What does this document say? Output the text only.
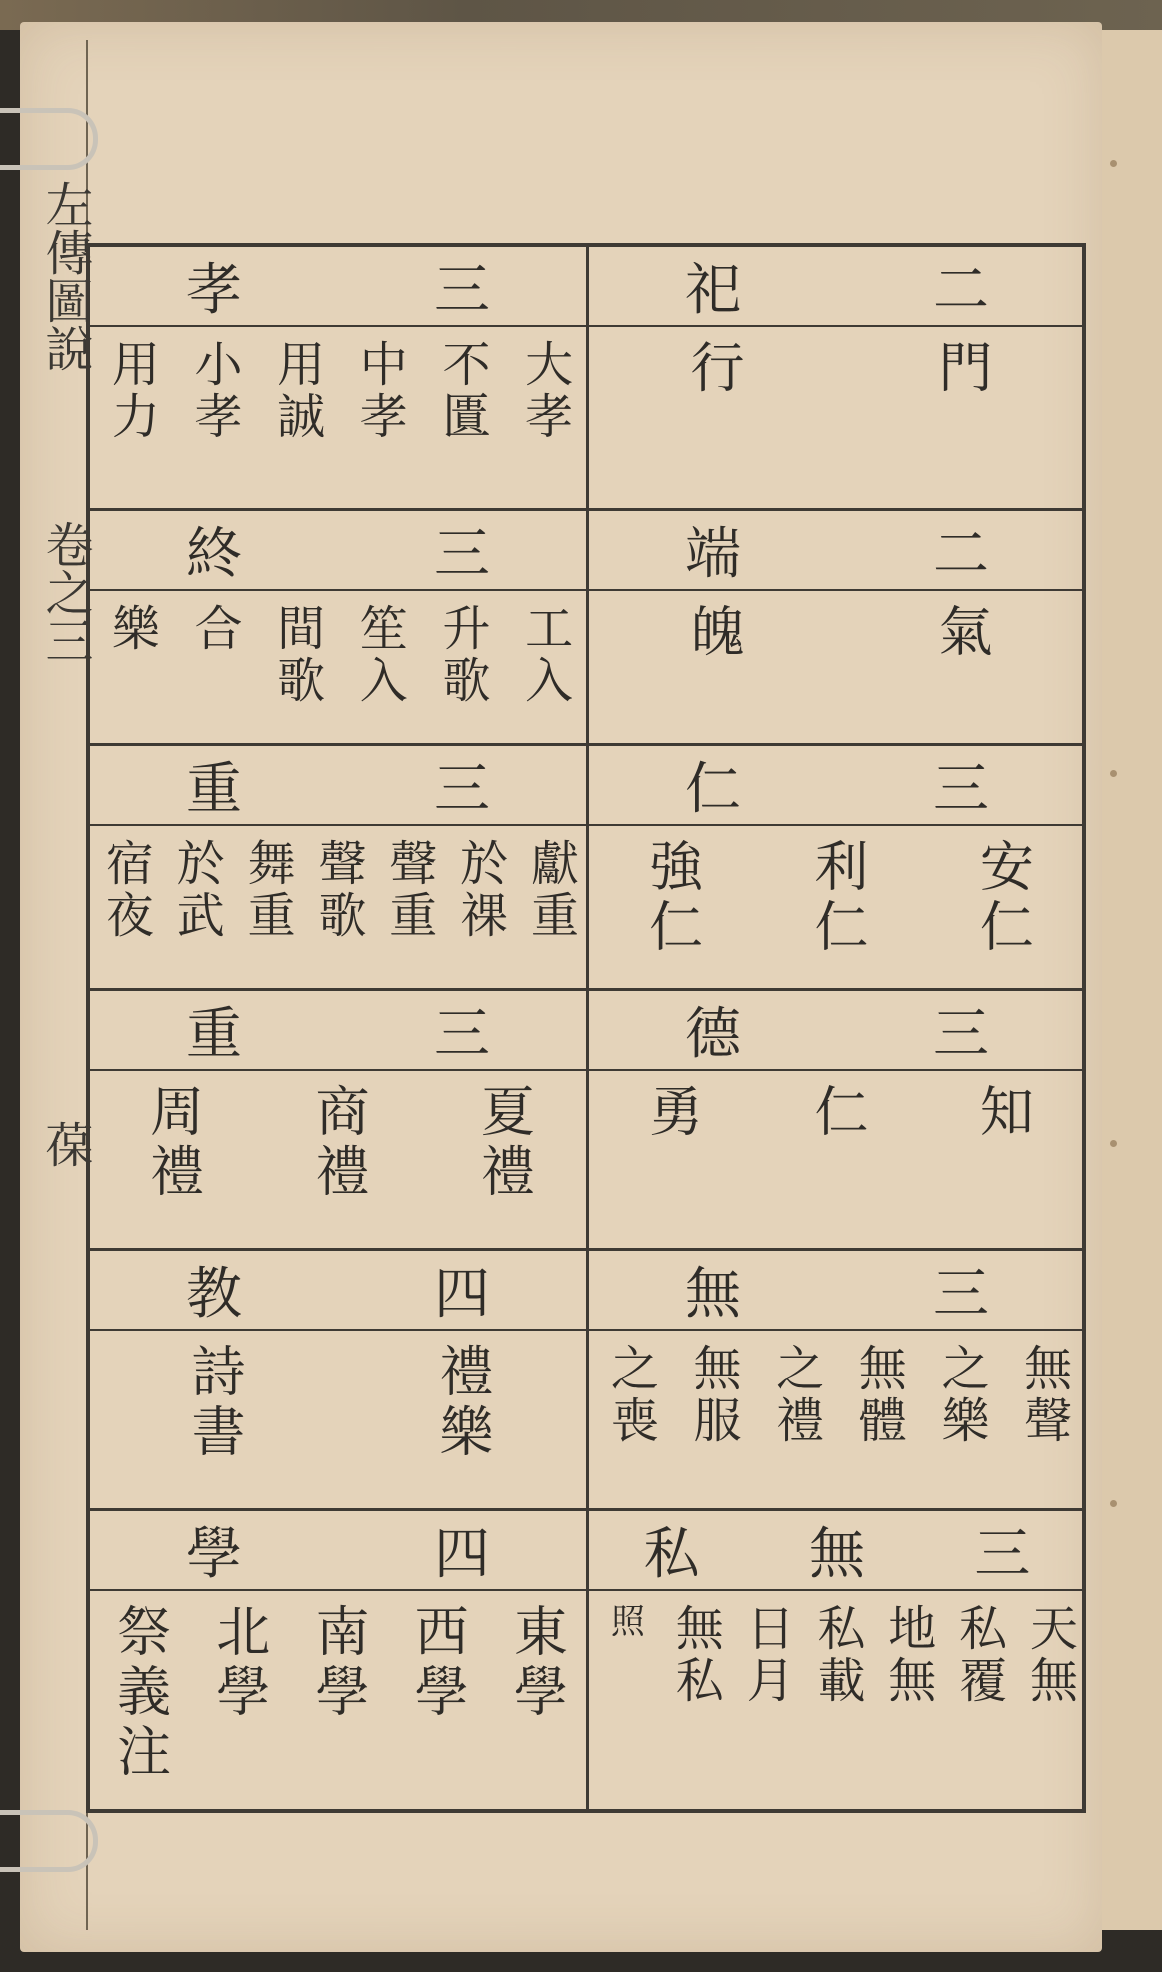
左傳圖說
卷之三
葆
三
孝
大孝
不匱
中孝
用誠
小孝
用力
三
終
工入
升歌
笙入
間歌
合
樂
三
重
獻重
於祼
聲重
聲歌
舞重
於武
宿夜
三
重
夏禮
商禮
周禮
四
教
禮樂
詩書
四
學
東學
西學
南學
北學
祭義注
二
祀
門
行
二
端
氣
魄
三
仁
安仁
利仁
強仁
三
德
知
仁
勇
三
無
無聲
之樂
無體
之禮
無服
之喪
三
無
私
天無
私覆
地無
私載
日月
無私
照
